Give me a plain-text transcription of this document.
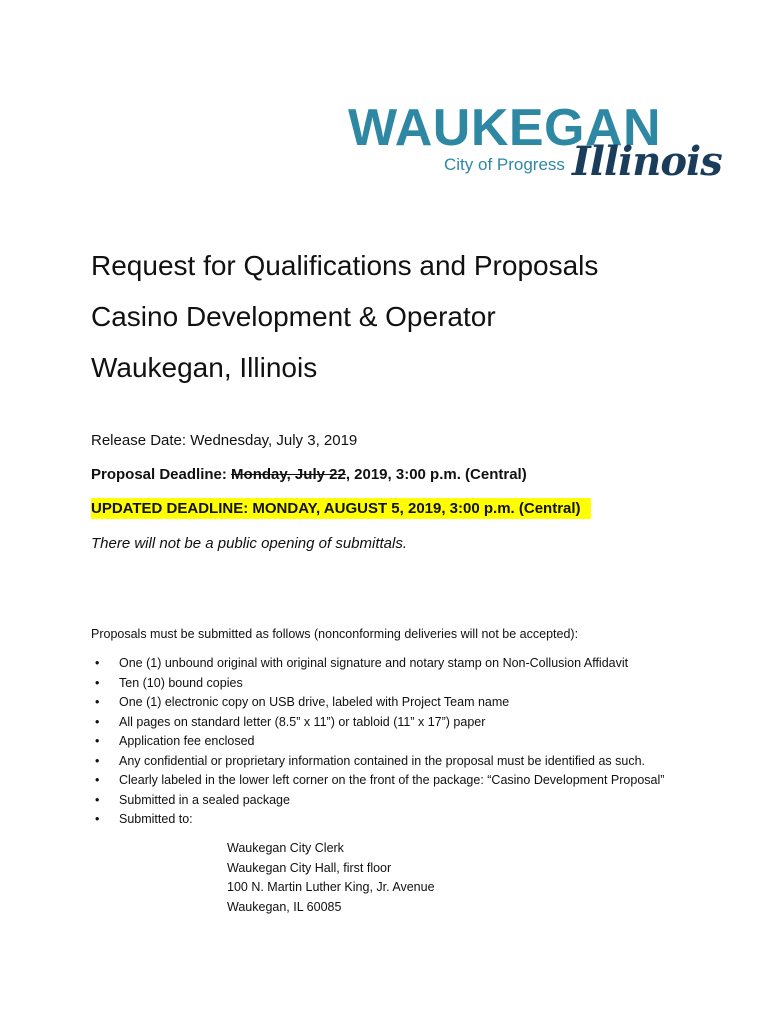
WAUKEGAN
City of Progress Illinois
Request for Qualifications and Proposals
Casino Development & Operator
Waukegan, Illinois
Release Date: Wednesday, July 3, 2019
Proposal Deadline: Monday, July 22, 2019, 3:00 p.m. (Central)
UPDATED DEADLINE: MONDAY, AUGUST 5, 2019, 3:00 p.m. (Central)
There will not be a public opening of submittals.
Proposals must be submitted as follows (nonconforming deliveries will not be accepted):
• One (1) unbound original with original signature and notary stamp on Non-Collusion Affidavit
• Ten (10) bound copies
• One (1) electronic copy on USB drive, labeled with Project Team name
• All pages on standard letter (8.5” x 11”) or tabloid (11” x 17”) paper
• Application fee enclosed
• Any confidential or proprietary information contained in the proposal must be identified as such.
• Clearly labeled in the lower left corner on the front of the package: “Casino Development Proposal”
• Submitted in a sealed package
• Submitted to:
Waukegan City Clerk
Waukegan City Hall, first floor
100 N. Martin Luther King, Jr. Avenue
Waukegan, IL 60085
